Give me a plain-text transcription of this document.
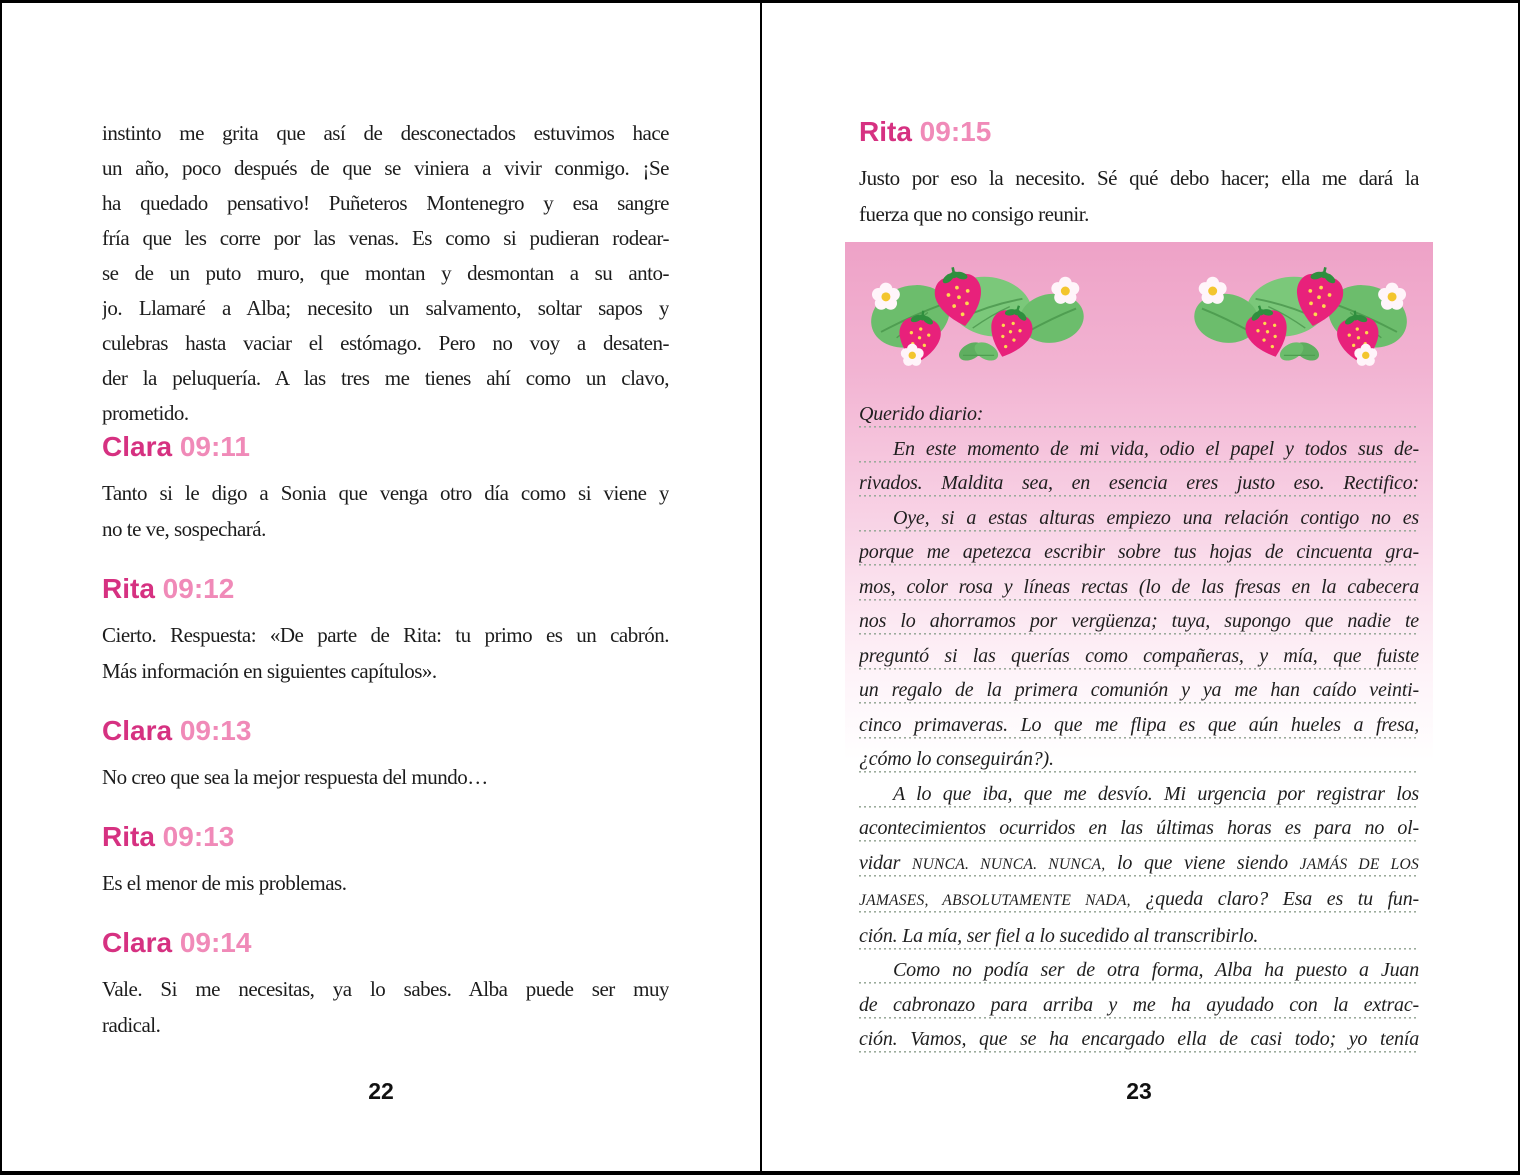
instinto me grita que así de desconectados estuvimos hace
un año, poco después de que se viniera a vivir conmigo. ¡Se
ha quedado pensativo! Puñeteros Montenegro y esa sangre
fría que les corre por las venas. Es como si pudieran rodear-
se de un puto muro, que montan y desmontan a su anto-
jo. Llamaré a Alba; necesito un salvamento, soltar sapos y
culebras hasta vaciar el estómago. Pero no voy a desaten-
der la peluquería. A las tres me tienes ahí como un clavo,
prometido.
Clara 09:11
Tanto si le digo a Sonia que venga otro día como si viene y
no te ve, sospechará.
Rita 09:12
Cierto. Respuesta: «De parte de Rita: tu primo es un cabrón.
Más información en siguientes capítulos».
Clara 09:13
No creo que sea la mejor respuesta del mundo…
Rita 09:13
Es el menor de mis problemas.
Clara 09:14
Vale. Si me necesitas, ya lo sabes. Alba puede ser muy
radical.
22
Rita 09:15
Justo por eso la necesito. Sé qué debo hacer; ella me dará la
fuerza que no consigo reunir.
Querido diario:
En este momento de mi vida, odio el papel y todos sus de-
rivados. Maldita sea, en esencia eres justo eso. Rectifico:
Oye, si a estas alturas empiezo una relación contigo no es
porque me apetezca escribir sobre tus hojas de cincuenta gra-
mos, color rosa y líneas rectas (lo de las fresas en la cabecera
nos lo ahorramos por vergüenza; tuya, supongo que nadie te
preguntó si las querías como compañeras, y mía, que fuiste
un regalo de la primera comunión y ya me han caído veinti-
cinco primaveras. Lo que me flipa es que aún hueles a fresa,
¿cómo lo conseguirán?).
A lo que iba, que me desvío. Mi urgencia por registrar los
acontecimientos ocurridos en las últimas horas es para no ol-
vidar NUNCA. NUNCA. NUNCA, lo que viene siendo JAMÁS DE LOS
JAMASES, ABSOLUTAMENTE NADA, ¿queda claro? Esa es tu fun-
ción. La mía, ser fiel a lo sucedido al transcribirlo.
Como no podía ser de otra forma, Alba ha puesto a Juan
de cabronazo para arriba y me ha ayudado con la extrac-
ción. Vamos, que se ha encargado ella de casi todo; yo tenía
23
